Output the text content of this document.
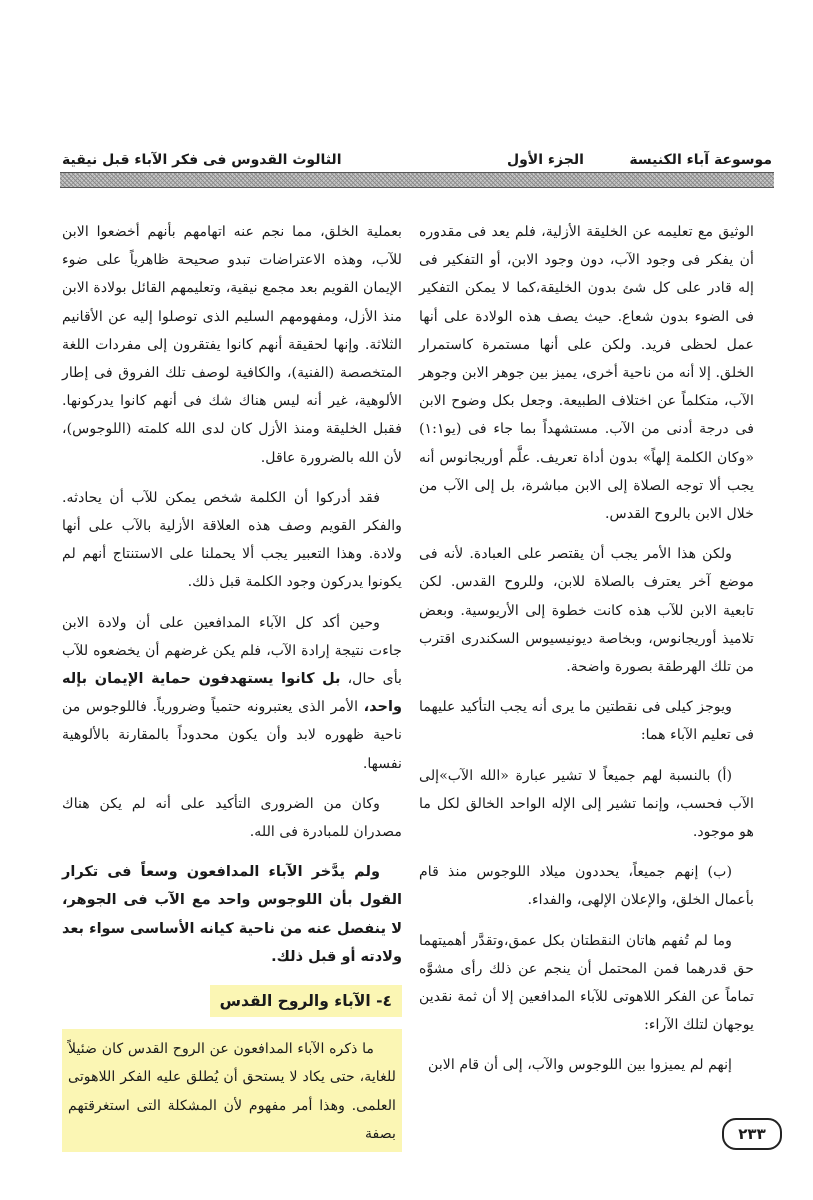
موسوعة آباء الكنيسة
الجزء الأول
الثالوث القدوس فى فكر الآباء قبل نيقية

الوثيق مع تعليمه عن الخليقة الأزلية، فلم يعد فى مقدوره أن يفكر فى وجود الآب، دون وجود الابن، أو التفكير فى إله قادر على كل شئ بدون الخليقة،كما لا يمكن التفكير فى الضوء بدون شعاع. حيث يصف هذه الولادة على أنها عمل لحظى فريد. ولكن على أنها مستمرة كاستمرار الخلق. إلا أنه من ناحية أخرى، يميز بين جوهر الابن وجوهر الآب، متكلماً عن اختلاف الطبيعة. وجعل بكل وضوح الابن فى درجة أدنى من الآب. مستشهداً بما جاء فى (يو١:١) «وكان الكلمة إلهاً» بدون أداة تعريف. علَّم أوريجانوس أنه يجب ألا توجه الصلاة إلى الابن مباشرة، بل إلى الآب من خلال الابن بالروح القدس.

ولكن هذا الأمر يجب أن يقتصر على العبادة. لأنه فى موضع آخر يعترف بالصلاة للابن، وللروح القدس. لكن تابعية الابن للآب هذه كانت خطوة إلى الأريوسية. وبعض تلاميذ أوريجانوس، وبخاصة ديونيسيوس السكندرى اقترب من تلك الهرطقة بصورة واضحة.

ويوجز كيلى فى نقطتين ما يرى أنه يجب التأكيد عليهما فى تعليم الآباء هما:

(أ) بالنسبة لهم جميعاً لا تشير عبارة «الله الآب»إلى الآب فحسب، وإنما تشير إلى الإله الواحد الخالق لكل ما هو موجود.

(ب) إنهم جميعاً، يحددون ميلاد اللوجوس منذ قام بأعمال الخلق، والإعلان الإلهى، والفداء.

وما لم تُفهم هاتان النقطتان بكل عمق،وتقدَّر أهميتهما حق قدرهما فمن المحتمل أن ينجم عن ذلك رأى مشوَّه تماماً عن الفكر اللاهوتى للآباء المدافعين إلا أن ثمة نقدين يوجهان لتلك الآراء:

إنهم لم يميزوا بين اللوجوس والآب، إلى أن قام الابن

بعملية الخلق، مما نجم عنه اتهامهم بأنهم أخضعوا الابن للآب، وهذه الاعتراضات تبدو صحيحة ظاهرياً على ضوء الإيمان القويم بعد مجمع نيقية، وتعليمهم القائل بولادة الابن منذ الأزل، ومفهومهم السليم الذى توصلوا إليه عن الأقانيم الثلاثة. وإنها لحقيقة أنهم كانوا يفتقرون إلى مفردات اللغة المتخصصة (الفنية)، والكافية لوصف تلك الفروق فى إطار الألوهية، غير أنه ليس هناك شك فى أنهم كانوا يدركونها. فقبل الخليقة ومنذ الأزل كان لدى الله كلمته (اللوجوس)، لأن الله بالضرورة عاقل.

فقد أدركوا أن الكلمة شخص يمكن للآب أن يحادثه. والفكر القويم وصف هذه العلاقة الأزلية بالآب على أنها ولادة. وهذا التعبير يجب ألا يحملنا على الاستنتاج أنهم لم يكونوا يدركون وجود الكلمة قبل ذلك.

وحين أكد كل الآباء المدافعين على أن ولادة الابن جاءت نتيجة إرادة الآب، فلم يكن غرضهم أن يخضعوه للآب بأى حال، بل كانوا يستهدفون حماية الإيمان بإله واحد، الأمر الذى يعتبرونه حتمياً وضرورياً. فاللوجوس من ناحية ظهوره لابد وأن يكون محدوداً بالمقارنة بالألوهية نفسها.

وكان من الضرورى التأكيد على أنه لم يكن هناك مصدران للمبادرة فى الله.

ولم يدَّخر الآباء المدافعون وسعاً فى تكرار القول بأن اللوجوس واحد مع الآب فى الجوهر، لا ينفصل عنه من ناحية كيانه الأساسى سواء بعد ولادته أو قبل ذلك.

٤- الآباء والروح القدس

ما ذكره الآباء المدافعون عن الروح القدس كان ضئيلاً للغاية، حتى يكاد لا يستحق أن يُطلق عليه الفكر اللاهوتى العلمى. وهذا أمر مفهوم لأن المشكلة التى استغرقتهم بصفة	٢٣٣
